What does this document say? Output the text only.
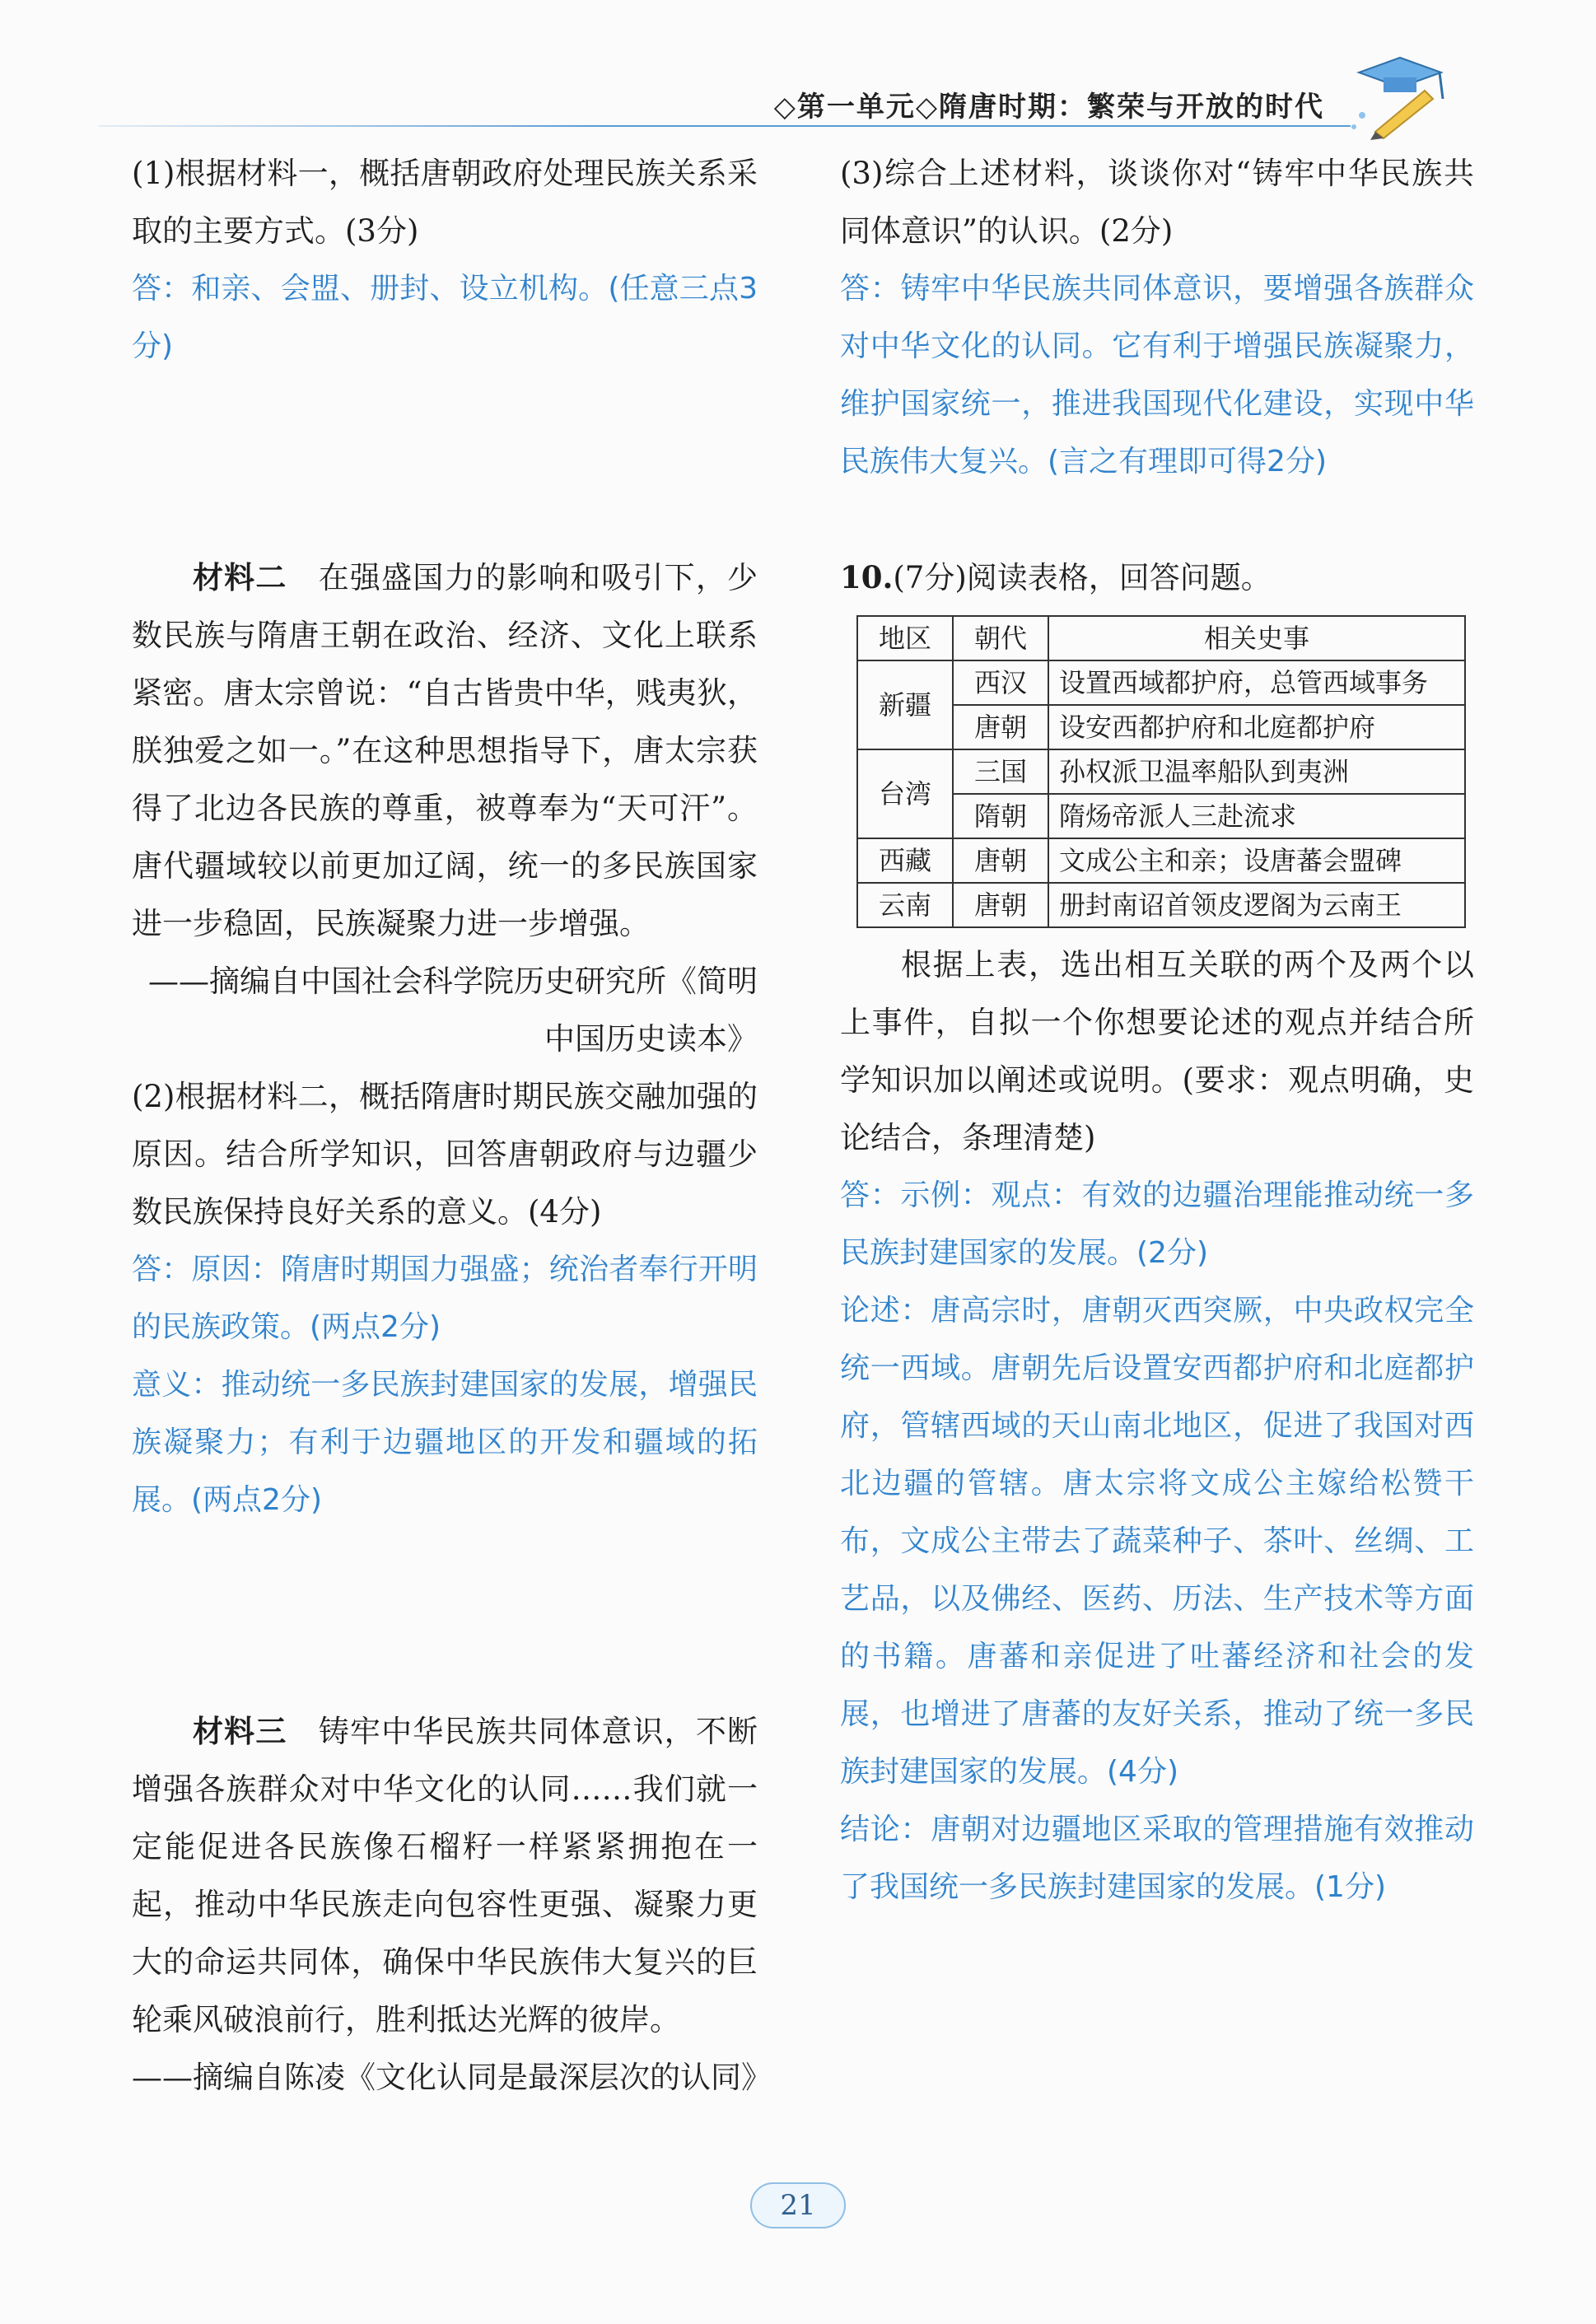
◇第一单元◇隋唐时期：繁荣与开放的时代

(1)根据材料一，概括唐朝政府处理民族关系采取的主要方式。(3分)

答：和亲、会盟、册封、设立机构。(任意三点3分)

材料二　 在强盛国力的影响和吸引下，少数民族与隋唐王朝在政治、经济、文化上联系紧密。唐太宗曾说：“自古皆贵中华，贱夷狄，朕独爱之如一。”在这种思想指导下，唐太宗获得了北边各民族的尊重，被尊奉为“天可汗”。唐代疆域较以前更加辽阔，统一的多民族国家进一步稳固，民族凝聚力进一步增强。

——摘编自中国社会科学院历史研究所《简明中国历史读本》

(2)根据材料二，概括隋唐时期民族交融加强的原因。结合所学知识，回答唐朝政府与边疆少数民族保持良好关系的意义。(4分)

答：原因：隋唐时期国力强盛；统治者奉行开明的民族政策。(两点2分)

意义：推动统一多民族封建国家的发展，增强民族凝聚力；有利于边疆地区的开发和疆域的拓展。(两点2分)

材料三　 铸牢中华民族共同体意识，不断增强各族群众对中华文化的认同……我们就一定能促进各民族像石榴籽一样紧紧拥抱在一起，推动中华民族走向包容性更强、凝聚力更大的命运共同体，确保中华民族伟大复兴的巨轮乘风破浪前行，胜利抵达光辉的彼岸。

——摘编自陈凌《文化认同是最深层次的认同》

(3)综合上述材料，谈谈你对“铸牢中华民族共同体意识”的认识。(2分)

答：铸牢中华民族共同体意识，要增强各族群众对中华文化的认同。它有利于增强民族凝聚力，维护国家统一，推进我国现代化建设，实现中华民族伟大复兴。(言之有理即可得2分)

10.(7分)阅读表格，回答问题。

地区	朝代	相关史事
新疆	西汉	设置西域都护府，总管西域事务
	唐朝	设安西都护府和北庭都护府
台湾	三国	孙权派卫温率船队到夷洲
	隋朝	隋炀帝派人三赴流求
西藏	唐朝	文成公主和亲；设唐蕃会盟碑
云南	唐朝	册封南诏首领皮逻阁为云南王

根据上表，选出相互关联的两个及两个以上事件，自拟一个你想要论述的观点并结合所学知识加以阐述或说明。(要求：观点明确，史论结合，条理清楚)

答：示例：观点：有效的边疆治理能推动统一多民族封建国家的发展。(2分)

论述：唐高宗时，唐朝灭西突厥，中央政权完全统一西域。唐朝先后设置安西都护府和北庭都护府，管辖西域的天山南北地区，促进了我国对西北边疆的管辖。唐太宗将文成公主嫁给松赞干布，文成公主带去了蔬菜种子、茶叶、丝绸、工艺品，以及佛经、医药、历法、生产技术等方面的书籍。唐蕃和亲促进了吐蕃经济和社会的发展，也增进了唐蕃的友好关系，推动了统一多民族封建国家的发展。(4分)

结论：唐朝对边疆地区采取的管理措施有效推动了我国统一多民族封建国家的发展。(1分)

21
